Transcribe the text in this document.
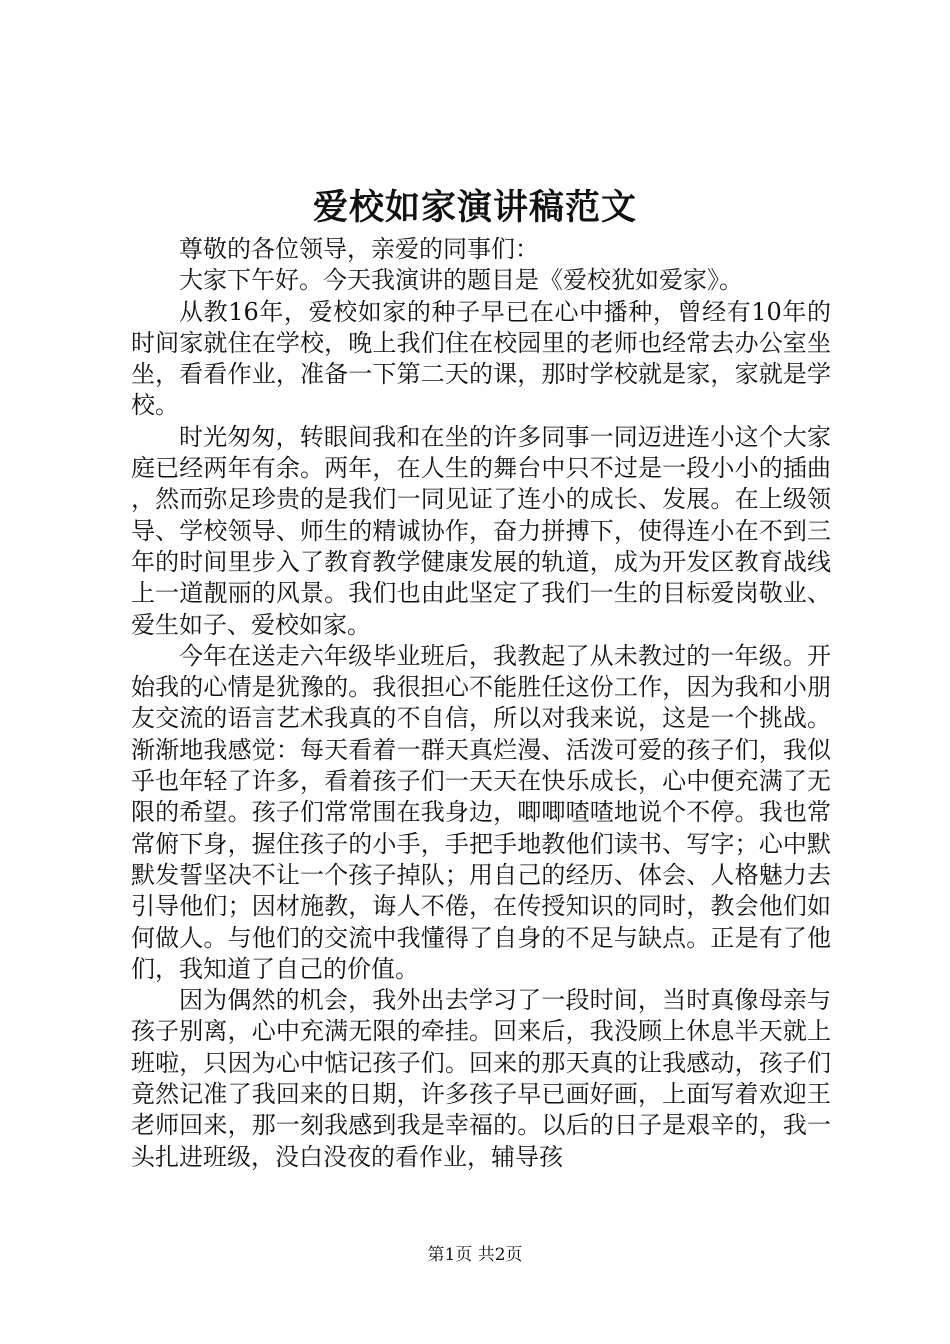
爱校如家演讲稿范文

尊敬的各位领导，亲爱的同事们：

大家下午好。今天我演讲的题目是《爱校犹如爱家》。

从教16年，爱校如家的种子早已在心中播种，曾经有10年的时间家就住在学校，晚上我们住在校园里的老师也经常去办公室坐坐，看看作业，准备一下第二天的课，那时学校就是家，家就是学校。

时光匆匆，转眼间我和在坐的许多同事一同迈进连小这个大家庭已经两年有余。两年，在人生的舞台中只不过是一段小小的插曲，然而弥足珍贵的是我们一同见证了连小的成长、发展。在上级领导、学校领导、师生的精诚协作，奋力拼搏下，使得连小在不到三年的时间里步入了教育教学健康发展的轨道，成为开发区教育战线上一道靓丽的风景。我们也由此坚定了我们一生的目标爱岗敬业、爱生如子、爱校如家。

今年在送走六年级毕业班后，我教起了从未教过的一年级。开始我的心情是犹豫的。我很担心不能胜任这份工作，因为我和小朋友交流的语言艺术我真的不自信，所以对我来说，这是一个挑战。渐渐地我感觉：每天看着一群天真烂漫、活泼可爱的孩子们，我似乎也年轻了许多，看着孩子们一天天在快乐成长，心中便充满了无限的希望。孩子们常常围在我身边，唧唧喳喳地说个不停。我也常常俯下身，握住孩子的小手，手把手地教他们读书、写字；心中默默发誓坚决不让一个孩子掉队；用自己的经历、体会、人格魅力去引导他们；因材施教，诲人不倦，在传授知识的同时，教会他们如何做人。与他们的交流中我懂得了自身的不足与缺点。正是有了他们，我知道了自己的价值。

因为偶然的机会，我外出去学习了一段时间，当时真像母亲与孩子别离，心中充满无限的牵挂。回来后，我没顾上休息半天就上班啦，只因为心中惦记孩子们。回来的那天真的让我感动，孩子们竟然记准了我回来的日期，许多孩子早已画好画，上面写着欢迎王老师回来，那一刻我感到我是幸福的。以后的日子是艰辛的，我一头扎进班级，没白没夜的看作业，辅导孩

第1页 共2页
